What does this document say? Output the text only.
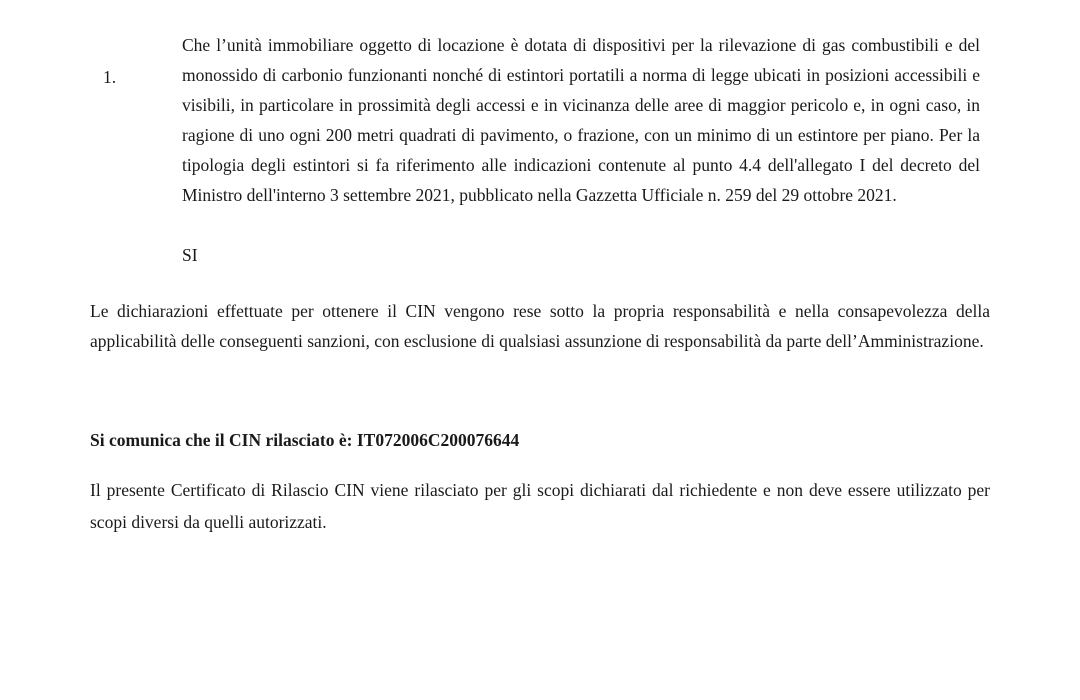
1.
Che l’unità immobiliare oggetto di locazione è dotata di dispositivi per la rilevazione di gas combustibili e del monossido di carbonio funzionanti nonché di estintori portatili a norma di legge ubicati in posizioni accessibili e visibili, in particolare in prossimità degli accessi e in vicinanza delle aree di maggior pericolo e, in ogni caso, in ragione di uno ogni 200 metri quadrati di pavimento, o frazione, con un minimo di un estintore per piano. Per la tipologia degli estintori si fa riferimento alle indicazioni contenute al punto 4.4 dell'allegato I del decreto del Ministro dell'interno 3 settembre 2021, pubblicato nella Gazzetta Ufficiale n. 259 del 29 ottobre 2021.
SI
Le dichiarazioni effettuate per ottenere il CIN vengono rese sotto la propria responsabilità e nella consapevolezza della applicabilità delle conseguenti sanzioni, con esclusione di qualsiasi assunzione di responsabilità da parte dell’Amministrazione.
Si comunica che il CIN rilasciato è: IT072006C200076644
Il presente Certificato di Rilascio CIN viene rilasciato per gli scopi dichiarati dal richiedente e non deve essere utilizzato per scopi diversi da quelli autorizzati.
